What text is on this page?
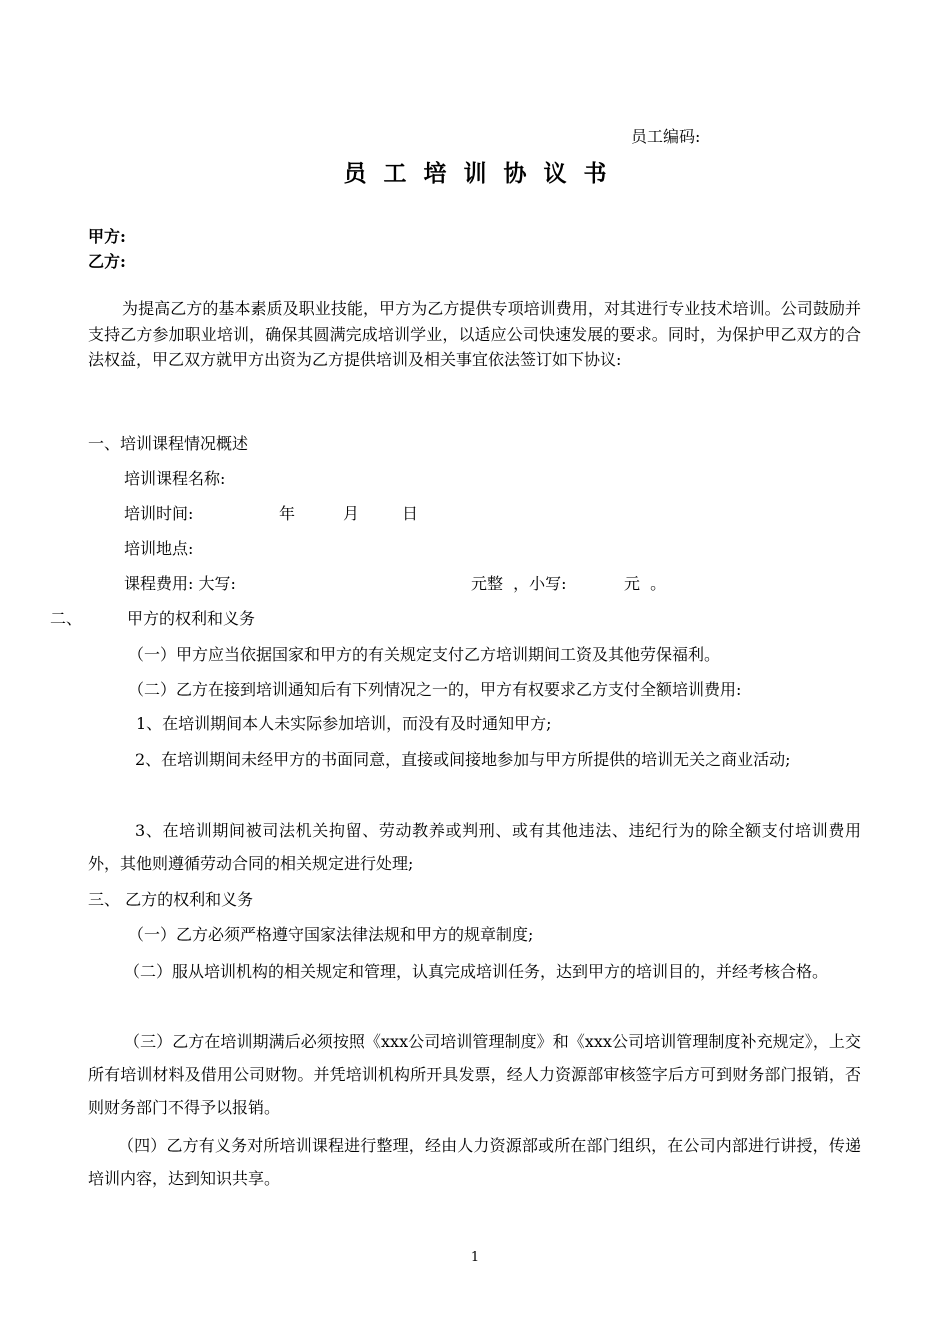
员工编码:
员工培训协议书
甲方:
乙方:
为提高乙方的基本素质及职业技能，甲方为乙方提供专项培训费用，对其进行专业技术培训。公司鼓励并支持乙方参加职业培训，确保其圆满完成培训学业，以适应公司快速发展的要求。同时，为保护甲乙双方的合法权益，甲乙双方就甲方出资为乙方提供培训及相关事宜依法签订如下协议:
一、培训课程情况概述
培训课程名称:
培训时间:	年	月	日
培训地点:
课程费用: 大写:	元整  ，小写:	元  。
二、	甲方的权利和义务
（一）甲方应当依据国家和甲方的有关规定支付乙方培训期间工资及其他劳保福利。
（二）乙方在接到培训通知后有下列情况之一的，甲方有权要求乙方支付全额培训费用:
1、在培训期间本人未实际参加培训，而没有及时通知甲方;
2、在培训期间未经甲方的书面同意，直接或间接地参加与甲方所提供的培训无关之商业活动;
3、在培训期间被司法机关拘留、劳动教养或判刑、或有其他违法、违纪行为的除全额支付培训费用外，其他则遵循劳动合同的相关规定进行处理;
三、 乙方的权利和义务
（一）乙方必须严格遵守国家法律法规和甲方的规章制度;
（二）服从培训机构的相关规定和管理，认真完成培训任务，达到甲方的培训目的，并经考核合格。
（三）乙方在培训期满后必须按照《xxx公司培训管理制度》和《xxx公司培训管理制度补充规定》，上交所有培训材料及借用公司财物。并凭培训机构所开具发票，经人力资源部审核签字后方可到财务部门报销，否则财务部门不得予以报销。
（四）乙方有义务对所培训课程进行整理，经由人力资源部或所在部门组织，在公司内部进行讲授，传递培训内容，达到知识共享。
1
